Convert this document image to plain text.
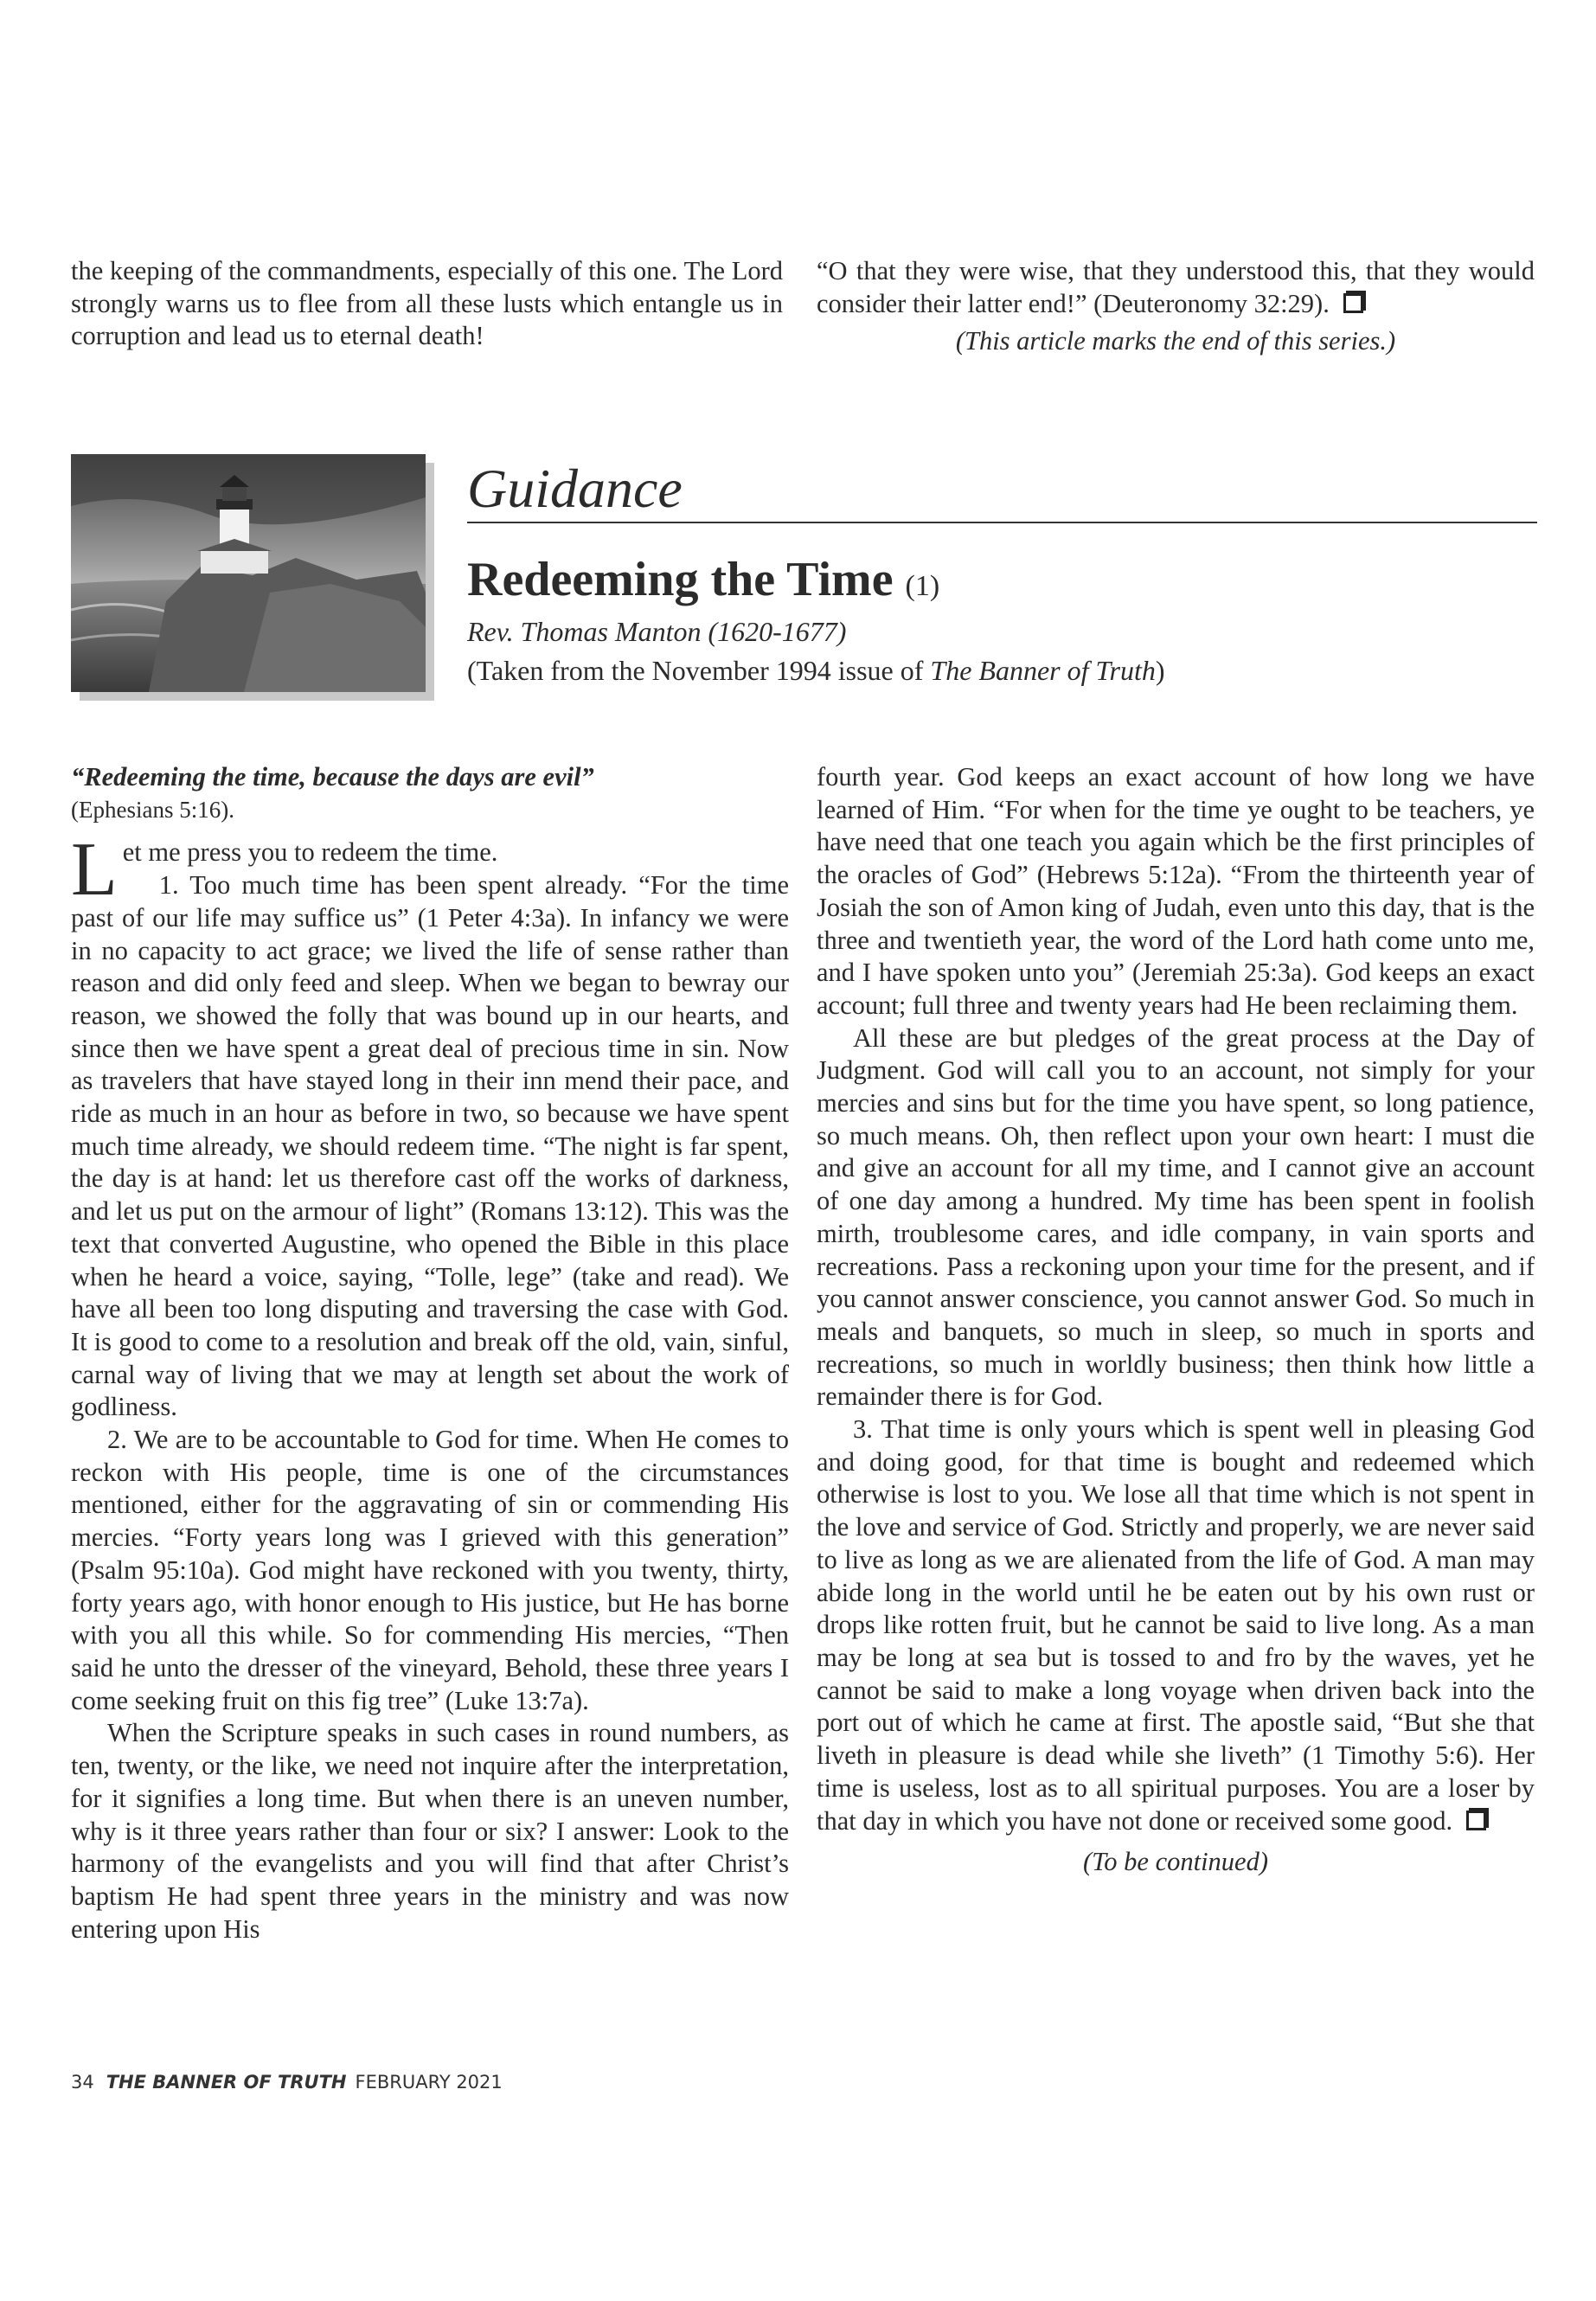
the keeping of the commandments, especially of this one. The Lord strongly warns us to flee from all these lusts which entangle us in corruption and lead us to eternal death!

“O that they were wise, that they understood this, that they would consider their latter end!” (Deuteronomy 32:29).

(This article marks the end of this series.)

Guidance
Redeeming the Time (1)
Rev. Thomas Manton (1620-1677)
(Taken from the November 1994 issue of The Banner of Truth)

“Redeeming the time, because the days are evil”

(Ephesians 5:16).

Let me press you to redeem the time.

1. Too much time has been spent already. “For the time past of our life may suffice us” (1 Peter 4:3a). In infancy we were in no capacity to act grace; we lived the life of sense rather than reason and did only feed and sleep. When we began to bewray our reason, we showed the folly that was bound up in our hearts, and since then we have spent a great deal of precious time in sin. Now as travelers that have stayed long in their inn mend their pace, and ride as much in an hour as before in two, so because we have spent much time already, we should redeem time. “The night is far spent, the day is at hand: let us therefore cast off the works of darkness, and let us put on the armour of light” (Romans 13:12). This was the text that converted Augustine, who opened the Bible in this place when he heard a voice, saying, “Tolle, lege” (take and read). We have all been too long disputing and traversing the case with God. It is good to come to a resolution and break off the old, vain, sinful, carnal way of living that we may at length set about the work of godliness.

2. We are to be accountable to God for time. When He comes to reckon with His people, time is one of the circumstances mentioned, either for the aggravating of sin or commending His mercies. “Forty years long was I grieved with this generation” (Psalm 95:10a). God might have reckoned with you twenty, thirty, forty years ago, with honor enough to His justice, but He has borne with you all this while. So for commending His mercies, “Then said he unto the dresser of the vineyard, Behold, these three years I come seeking fruit on this fig tree” (Luke 13:7a).

When the Scripture speaks in such cases in round numbers, as ten, twenty, or the like, we need not inquire after the interpretation, for it signifies a long time. But when there is an uneven number, why is it three years rather than four or six? I answer: Look to the harmony of the evangelists and you will find that after Christ’s baptism He had spent three years in the ministry and was now entering upon His

fourth year. God keeps an exact account of how long we have learned of Him. “For when for the time ye ought to be teachers, ye have need that one teach you again which be the first principles of the oracles of God” (Hebrews 5:12a). “From the thirteenth year of Josiah the son of Amon king of Judah, even unto this day, that is the three and twentieth year, the word of the Lord hath come unto me, and I have spoken unto you” (Jeremiah 25:3a). God keeps an exact account; full three and twenty years had He been reclaiming them.

All these are but pledges of the great process at the Day of Judgment. God will call you to an account, not simply for your mercies and sins but for the time you have spent, so long patience, so much means. Oh, then reflect upon your own heart: I must die and give an account for all my time, and I cannot give an account of one day among a hundred. My time has been spent in foolish mirth, troublesome cares, and idle company, in vain sports and recreations. Pass a reckoning upon your time for the present, and if you cannot answer conscience, you cannot answer God. So much in meals and banquets, so much in sleep, so much in sports and recreations, so much in worldly business; then think how little a remainder there is for God.

3. That time is only yours which is spent well in pleasing God and doing good, for that time is bought and redeemed which otherwise is lost to you. We lose all that time which is not spent in the love and service of God. Strictly and properly, we are never said to live as long as we are alienated from the life of God. A man may abide long in the world until he be eaten out by his own rust or drops like rotten fruit, but he cannot be said to live long. As a man may be long at sea but is tossed to and fro by the waves, yet he cannot be said to make a long voyage when driven back into the port out of which he came at first. The apostle said, “But she that liveth in pleasure is dead while she liveth” (1 Timothy 5:6). Her time is useless, lost as to all spiritual purposes. You are a loser by that day in which you have not done or received some good.

(To be continued)

34 THE BANNER OF TRUTH FEBRUARY 2021
